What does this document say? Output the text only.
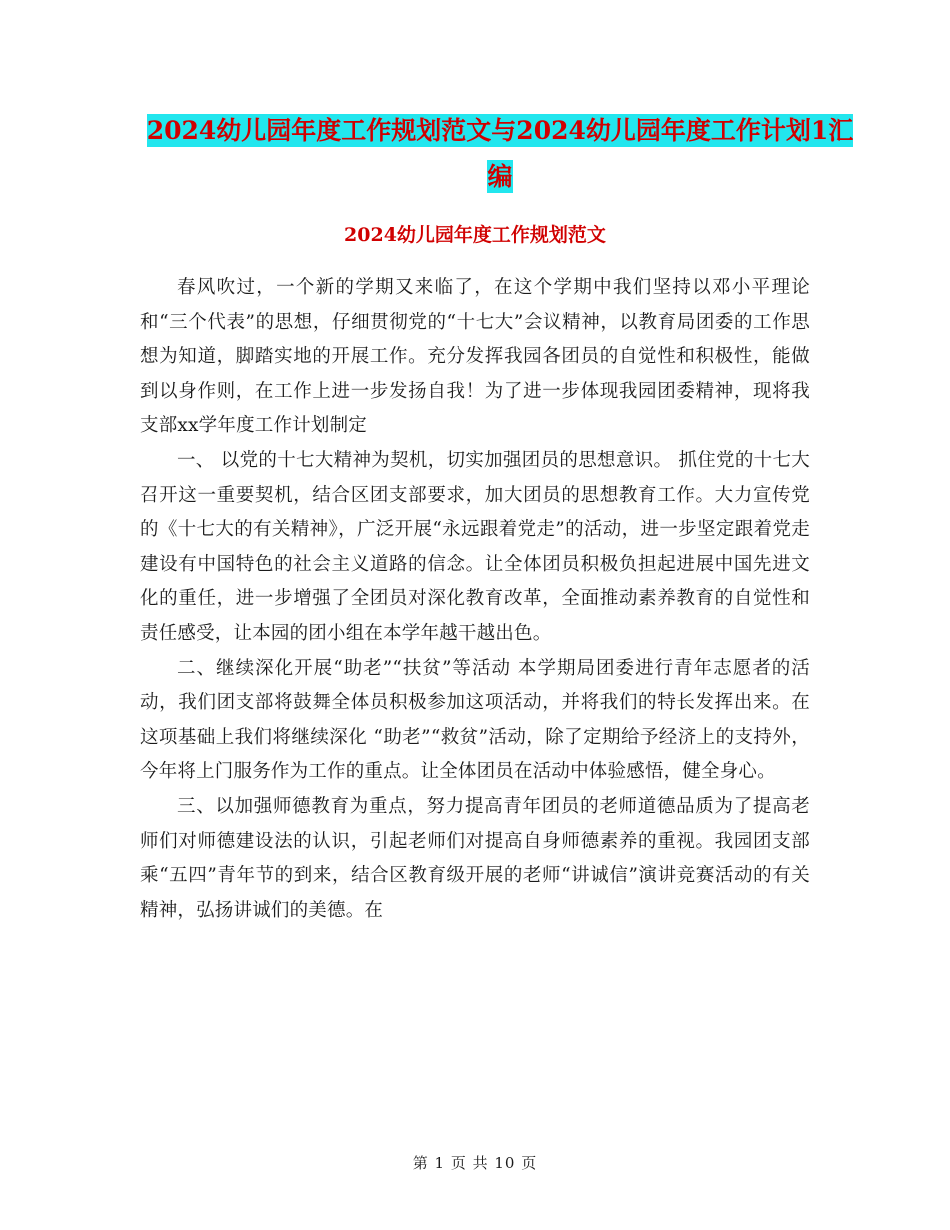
2024幼儿园年度工作规划范文与2024幼儿园年度工作计划1汇编
2024幼儿园年度工作规划范文

春风吹过，一个新的学期又来临了，在这个学期中我们坚持以邓小平理论和“三个代表”的思想，仔细贯彻党的“十七大”会议精神，以教育局团委的工作思想为知道，脚踏实地的开展工作。充分发挥我园各团员的自觉性和积极性，能做到以身作则，在工作上进一步发扬自我！为了进一步体现我园团委精神，现将我支部xx学年度工作计划制定

一、 以党的十七大精神为契机，切实加强团员的思想意识。 抓住党的十七大召开这一重要契机，结合区团支部要求，加大团员的思想教育工作。大力宣传党的《十七大的有关精神》，广泛开展“永远跟着党走”的活动，进一步坚定跟着党走建设有中国特色的社会主义道路的信念。让全体团员积极负担起进展中国先进文化的重任，进一步增强了全团员对深化教育改革，全面推动素养教育的自觉性和责任感受，让本园的团小组在本学年越干越出色。

二、继续深化开展“助老”“扶贫”等活动 本学期局团委进行青年志愿者的活动，我们团支部将鼓舞全体员积极参加这项活动，并将我们的特长发挥出来。在这项基础上我们将继续深化 “助老”“救贫”活动，除了定期给予经济上的支持外，今年将上门服务作为工作的重点。让全体团员在活动中体验感悟，健全身心。

三、以加强师德教育为重点，努力提高青年团员的老师道德品质为了提高老师们对师德建设法的认识，引起老师们对提高自身师德素养的重视。我园团支部乘“五四”青年节的到来，结合区教育级开展的老师“讲诚信”演讲竞赛活动的有关精神，弘扬讲诚们的美德。在

第 1 页 共 10 页
